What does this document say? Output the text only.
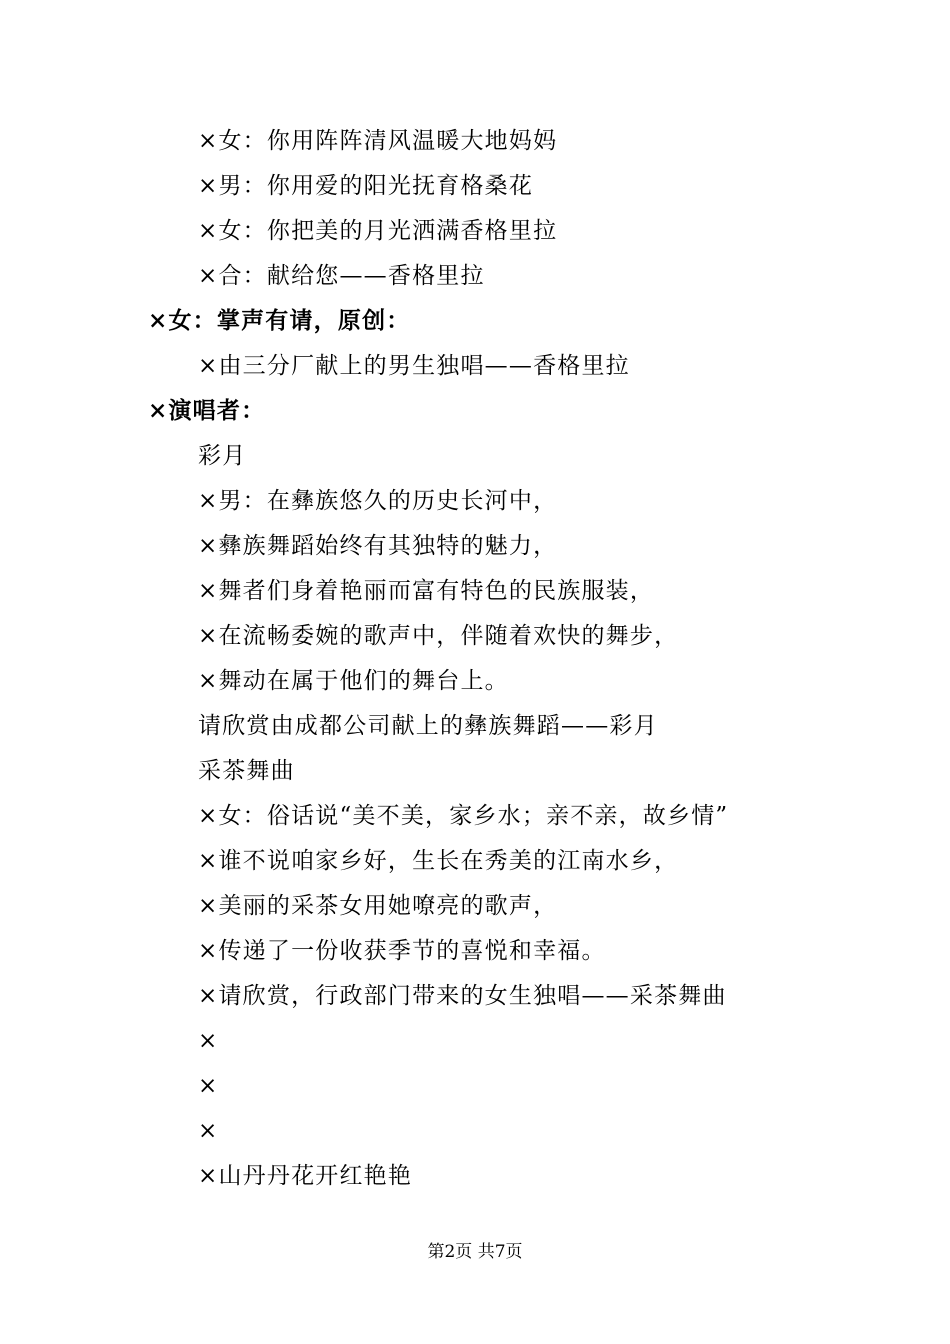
×女：你用阵阵清风温暖大地妈妈
×男：你用爱的阳光抚育格桑花
×女：你把美的月光洒满香格里拉
×合：献给您——香格里拉
×女：掌声有请，原创：
×由三分厂献上的男生独唱——香格里拉
×演唱者：
彩月
×男：在彝族悠久的历史长河中，
×彝族舞蹈始终有其独特的魅力，
×舞者们身着艳丽而富有特色的民族服装，
×在流畅委婉的歌声中，伴随着欢快的舞步，
×舞动在属于他们的舞台上。
请欣赏由成都公司献上的彝族舞蹈——彩月
采茶舞曲
×女：俗话说“美不美，家乡水；亲不亲，故乡情”
×谁不说咱家乡好，生长在秀美的江南水乡，
×美丽的采茶女用她嘹亮的歌声，
×传递了一份收获季节的喜悦和幸福。
×请欣赏，行政部门带来的女生独唱——采茶舞曲
×
×
×
×山丹丹花开红艳艳
第2页 共7页
